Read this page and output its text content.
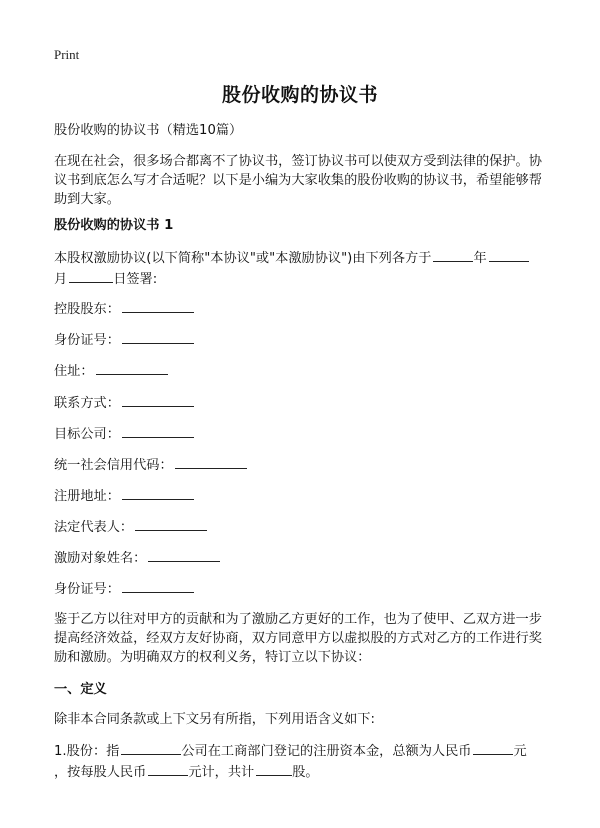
Print
股份收购的协议书
股份收购的协议书（精选10篇）
在现在社会，很多场合都离不了协议书，签订协议书可以使双方受到法律的保护。协议书到底怎么写才合适呢？以下是小编为大家收集的股份收购的协议书，希望能够帮助到大家。
股份收购的协议书 1
本股权激励协议(以下简称"本协议"或"本激励协议")由下列各方于	年
月	日签署:
控股股东：
身份证号：
住址：
联系方式：
目标公司：
统一社会信用代码：
注册地址：
法定代表人：
激励对象姓名：
身份证号：
鉴于乙方以往对甲方的贡献和为了激励乙方更好的工作，也为了使甲、乙双方进一步提高经济效益，经双方友好协商，双方同意甲方以虚拟股的方式对乙方的工作进行奖励和激励。为明确双方的权利义务，特订立以下协议：
一、定义
除非本合同条款或上下文另有所指，下列用语含义如下:
1.股份：指	公司在工商部门登记的注册资本金，总额为人民币	元
，按每股人民币	元计，共计	股。
